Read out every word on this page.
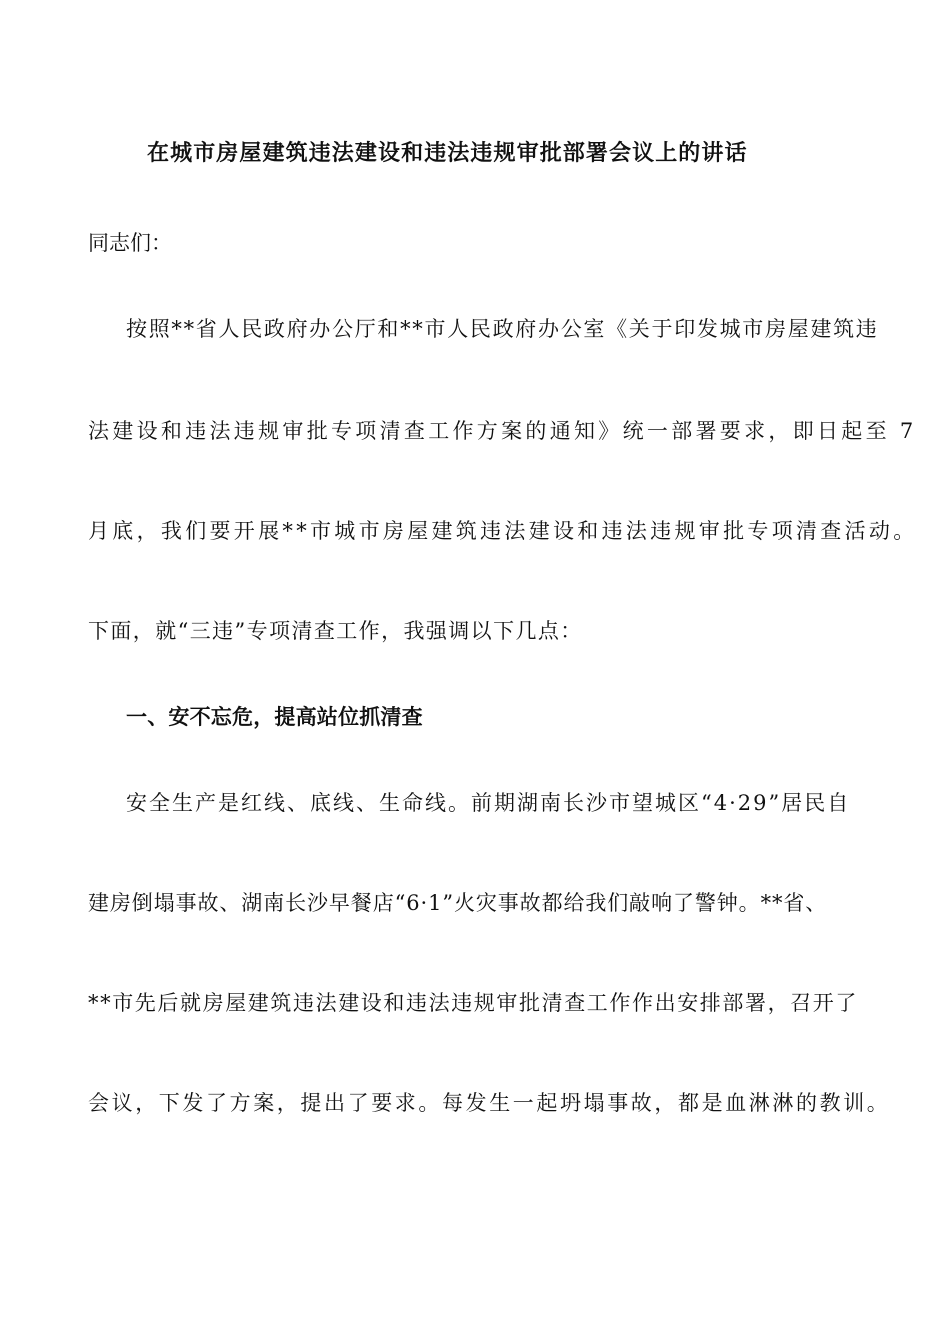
在城市房屋建筑违法建设和违法违规审批部署会议上的讲话
同志们：
按照**省人民政府办公厅和**市人民政府办公室《关于印发城市房屋建筑违
法建设和违法违规审批专项清查工作方案的通知》统一部署要求，即日起至 7
月底，我们要开展**市城市房屋建筑违法建设和违法违规审批专项清查活动。
下面，就“三违”专项清查工作，我强调以下几点：
一、安不忘危，提高站位抓清查
安全生产是红线、底线、生命线。前期湖南长沙市望城区“4·29”居民自
建房倒塌事故、湖南长沙早餐店“6·1”火灾事故都给我们敲响了警钟。**省、
**市先后就房屋建筑违法建设和违法违规审批清查工作作出安排部署，召开了
会议，下发了方案，提出了要求。每发生一起坍塌事故，都是血淋淋的教训。
